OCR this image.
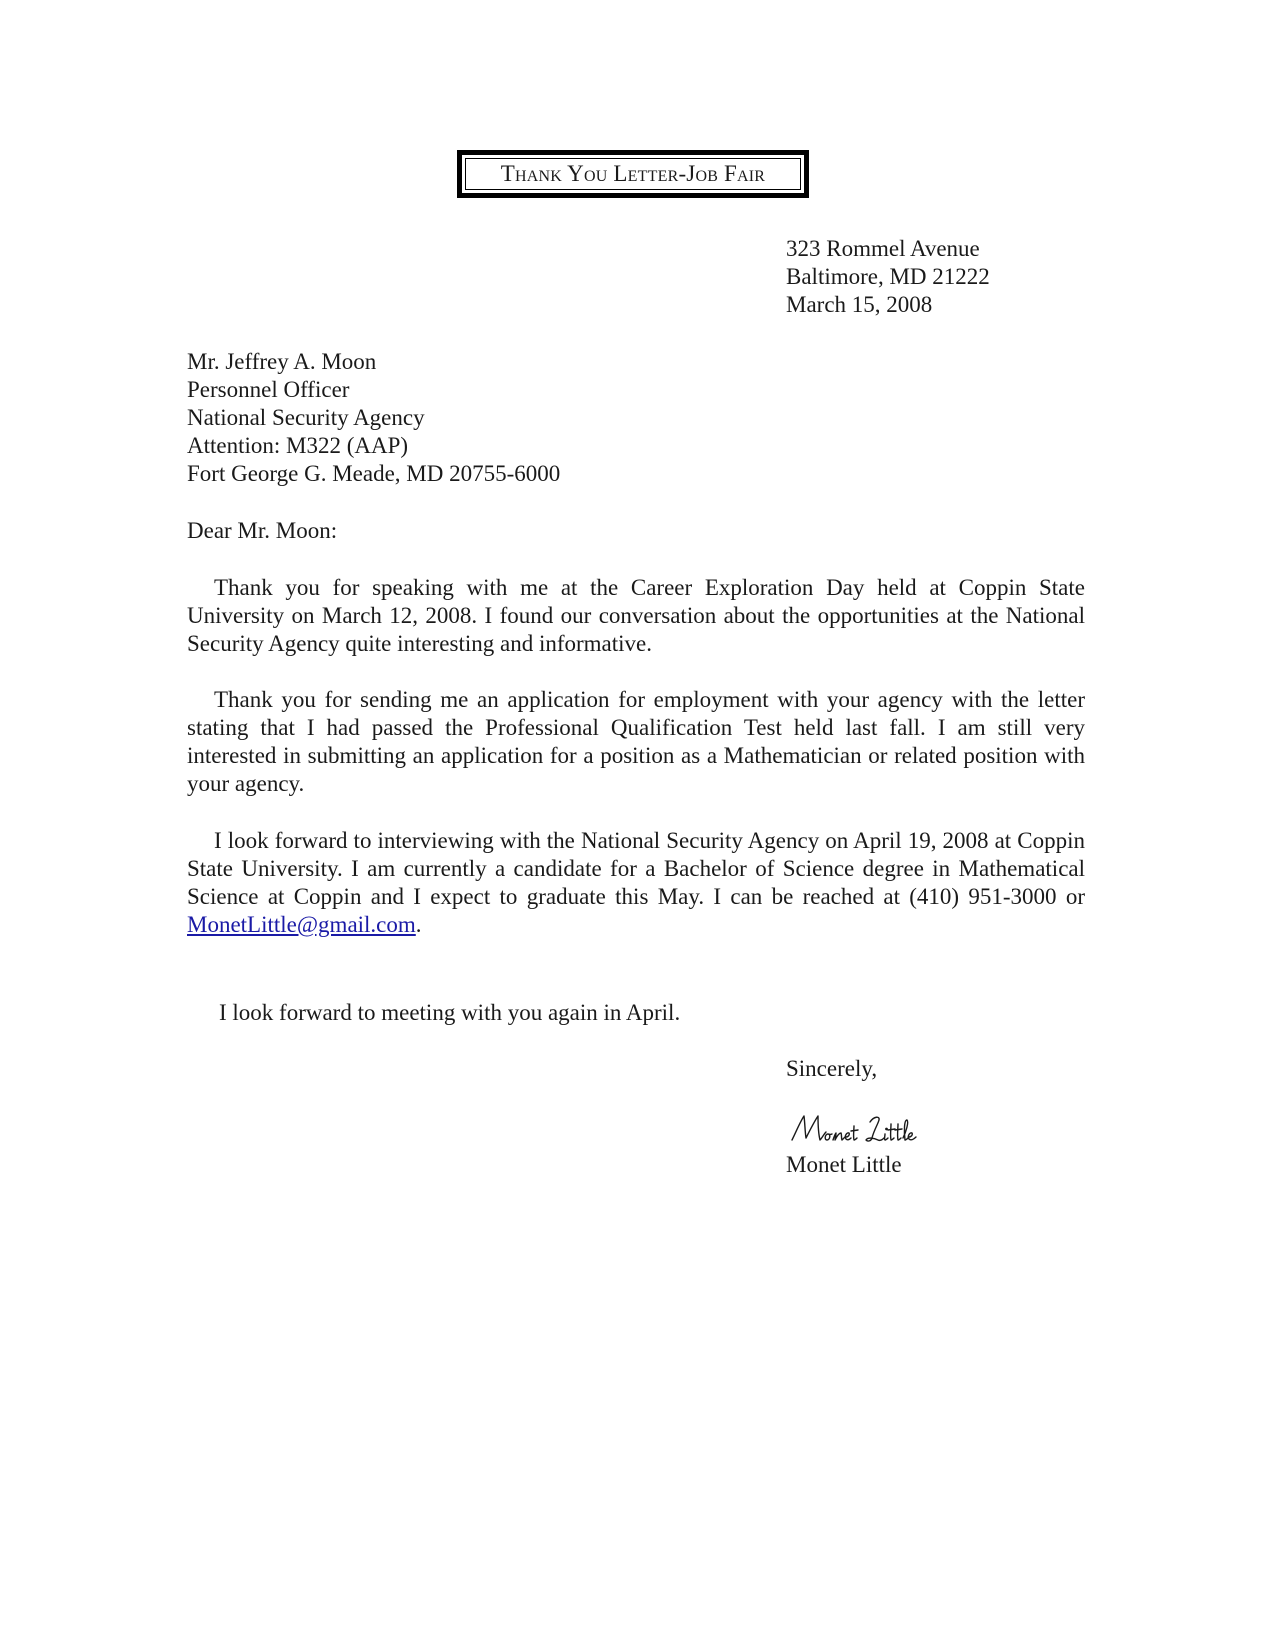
Thank You Letter-Job Fair
323 Rommel Avenue
Baltimore, MD 21222
March 15, 2008
Mr. Jeffrey A. Moon
Personnel Officer
National Security Agency
Attention: M322 (AAP)
Fort George G. Meade, MD 20755-6000
Dear Mr. Moon:

Thank you for speaking with me at the Career Exploration Day held at Coppin State University on March 12, 2008. I found our conversation about the opportunities at the National Security Agency quite interesting and informative.

Thank you for sending me an application for employment with your agency with the letter stating that I had passed the Professional Qualification Test held last fall. I am still very interested in submitting an application for a position as a Mathematician or related position with your agency.

I look forward to interviewing with the National Security Agency on April 19, 2008 at Coppin State University. I am currently a candidate for a Bachelor of Science degree in Mathematical Science at Coppin and I expect to graduate this May. I can be reached at (410) 951-3000 or MonetLittle@gmail.com.

I look forward to meeting with you again in April.

Sincerely,
Monet Little
